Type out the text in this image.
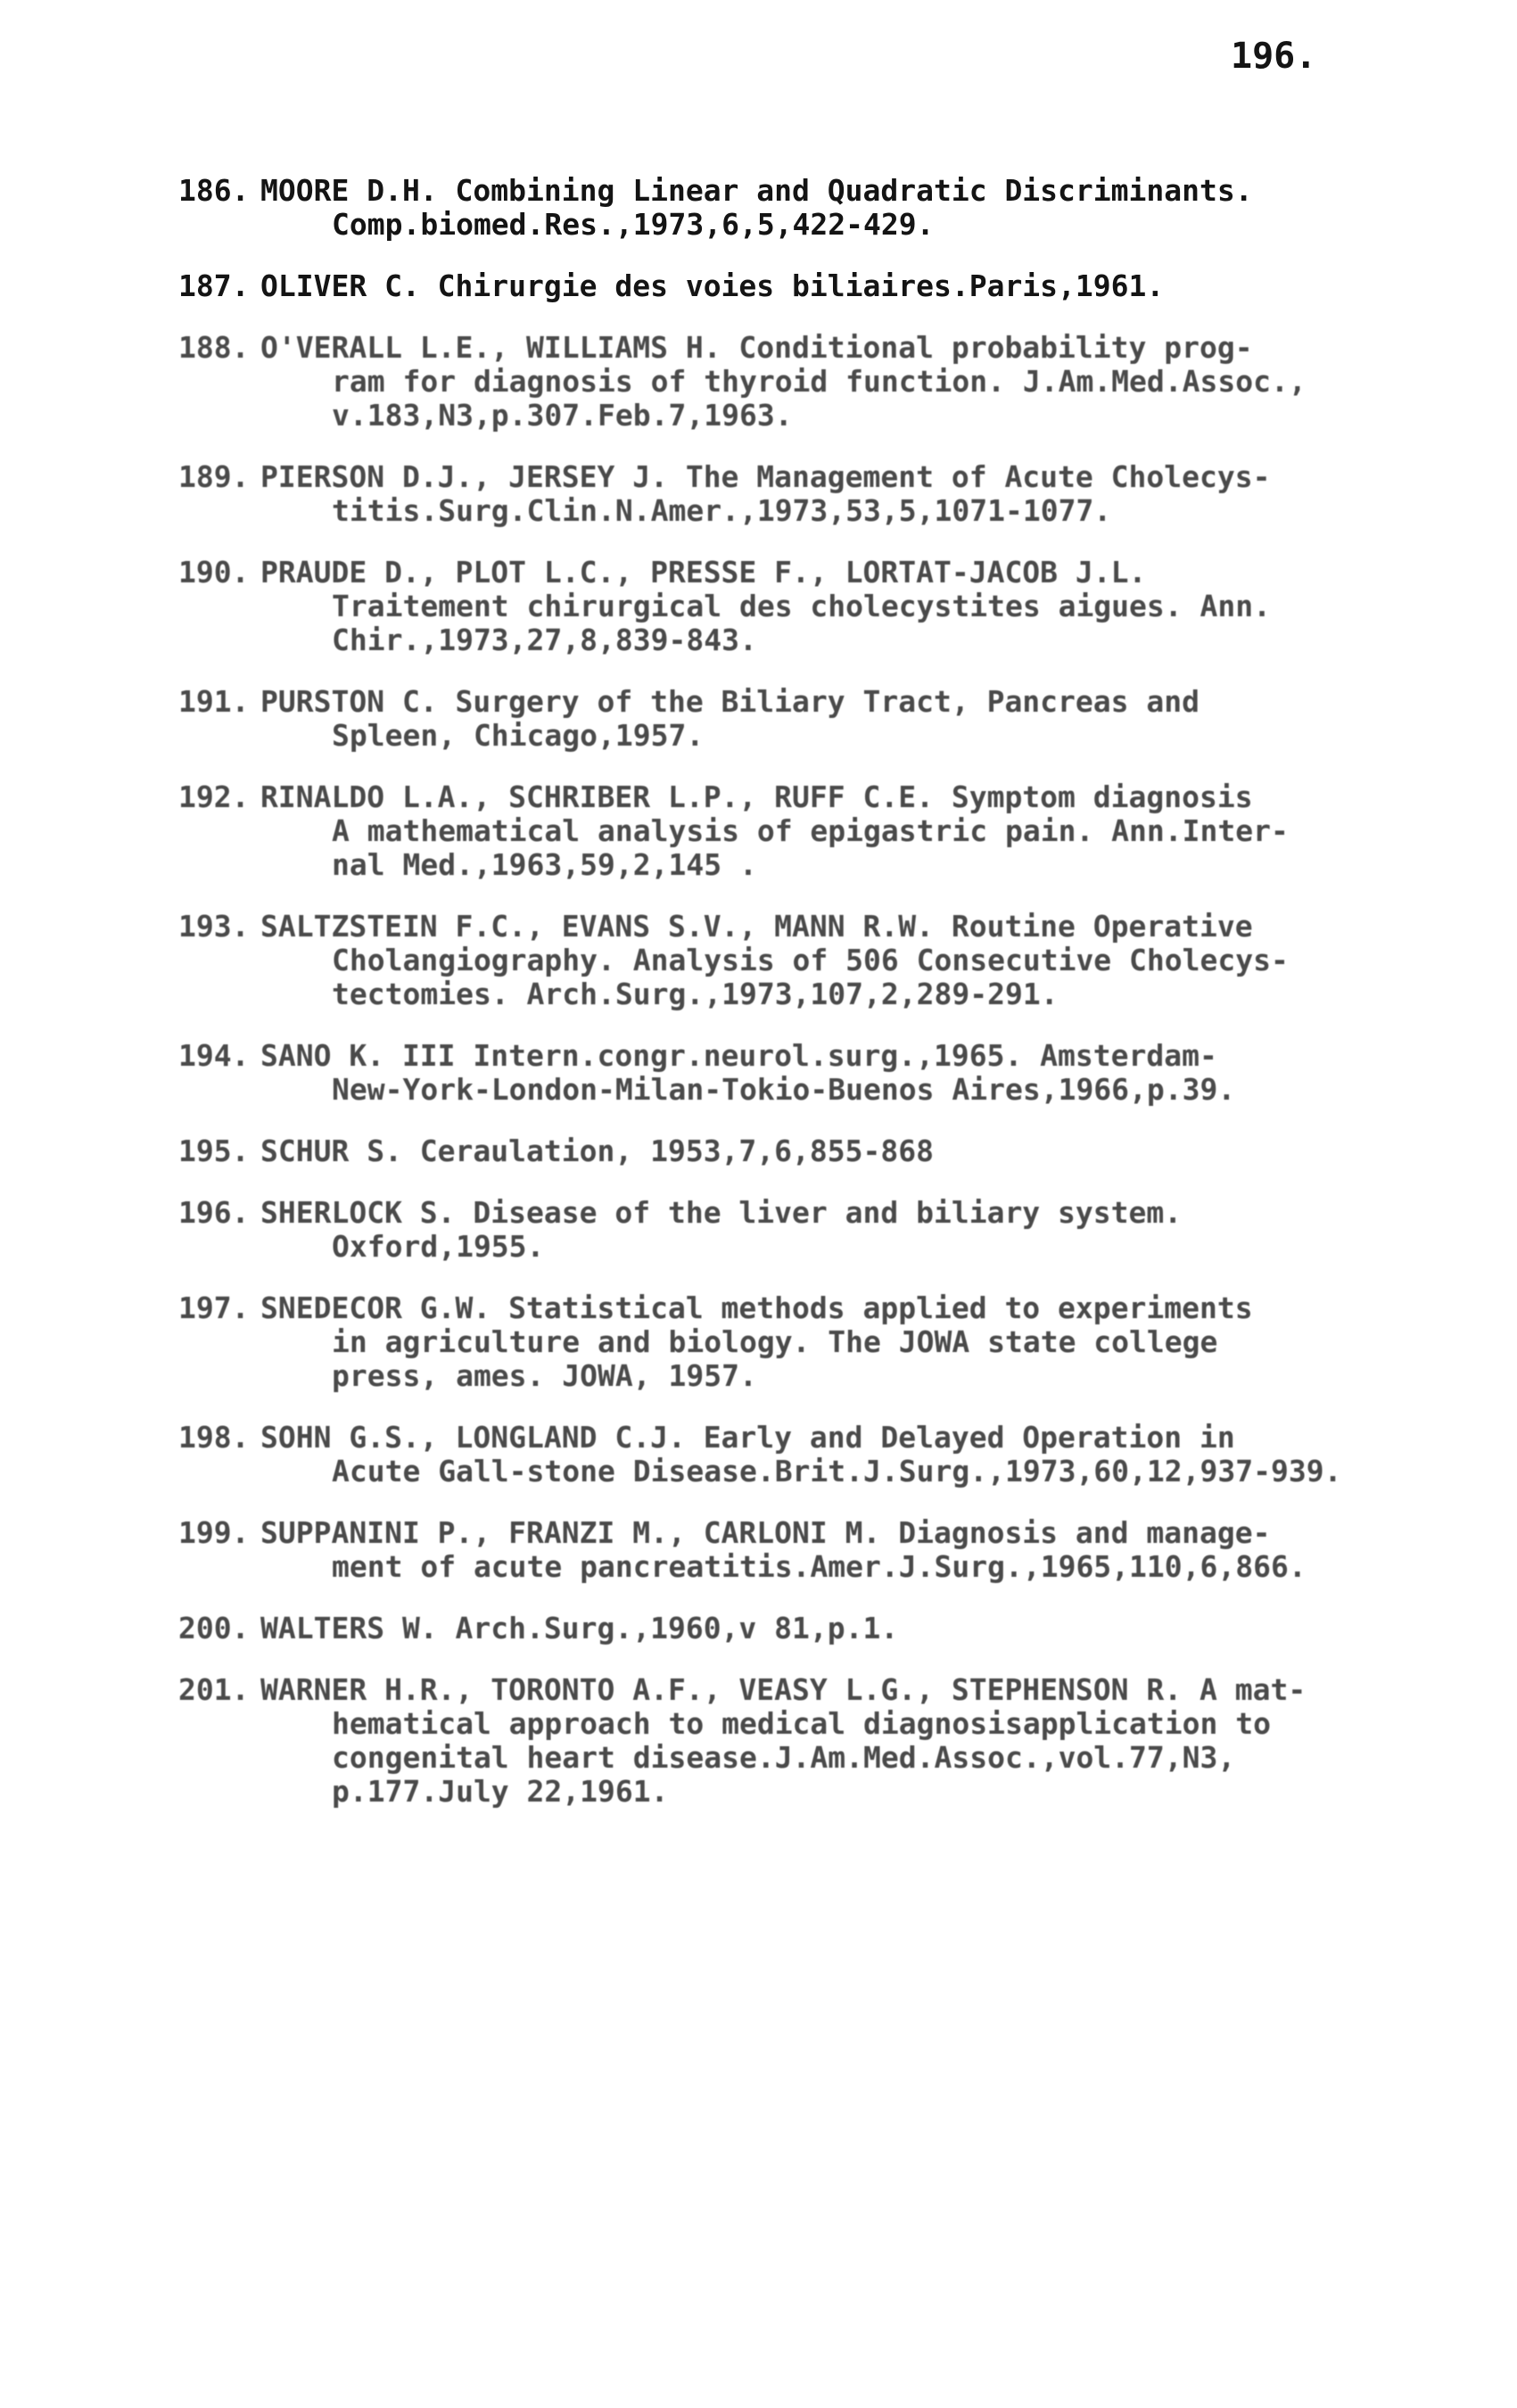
196.
186. MOORE D.H. Combining Linear and Quadratic Discriminants.
Comp.biomed.Res.,1973,6,5,422-429.
187. OLIVER C. Chirurgie des voies biliaires.Paris,1961.
188. O'VERALL L.E., WILLIAMS H. Conditional probability prog-
ram for diagnosis of thyroid function. J.Am.Med.Assoc.,
v.183,N3,p.307.Feb.7,1963.
189. PIERSON D.J., JERSEY J. The Management of Acute Cholecys-
titis.Surg.Clin.N.Amer.,1973,53,5,1071-1077.
190. PRAUDE D., PLOT L.C., PRESSE F., LORTAT-JACOB J.L.
Traitement chirurgical des cholecystites aigues. Ann.
Chir.,1973,27,8,839-843.
191. PURSTON C. Surgery of the Biliary Tract, Pancreas and
Spleen, Chicago,1957.
192. RINALDO L.A., SCHRIBER L.P., RUFF C.E. Symptom diagnosis
A mathematical analysis of epigastric pain. Ann.Inter-
nal Med.,1963,59,2,145 .
193. SALTZSTEIN F.C., EVANS S.V., MANN R.W. Routine Operative
Cholangiography. Analysis of 506 Consecutive Cholecys-
tectomies. Arch.Surg.,1973,107,2,289-291.
194. SANO K. III Intern.congr.neurol.surg.,1965. Amsterdam-
New-York-London-Milan-Tokio-Buenos Aires,1966,p.39.
195. SCHUR S. Ceraulation, 1953,7,6,855-868
196. SHERLOCK S. Disease of the liver and biliary system.
Oxford,1955.
197. SNEDECOR G.W. Statistical methods applied to experiments
in agriculture and biology. The JOWA state college
press, ames. JOWA, 1957.
198. SOHN G.S., LONGLAND C.J. Early and Delayed Operation in
Acute Gall-stone Disease.Brit.J.Surg.,1973,60,12,937-939.
199. SUPPANINI P., FRANZI M., CARLONI M. Diagnosis and manage-
ment of acute pancreatitis.Amer.J.Surg.,1965,110,6,866.
200. WALTERS W. Arch.Surg.,1960,v 81,p.1.
201. WARNER H.R., TORONTO A.F., VEASY L.G., STEPHENSON R. A mat-
hematical approach to medical diagnosisapplication to
congenital heart disease.J.Am.Med.Assoc.,vol.77,N3,
p.177.July 22,1961.
